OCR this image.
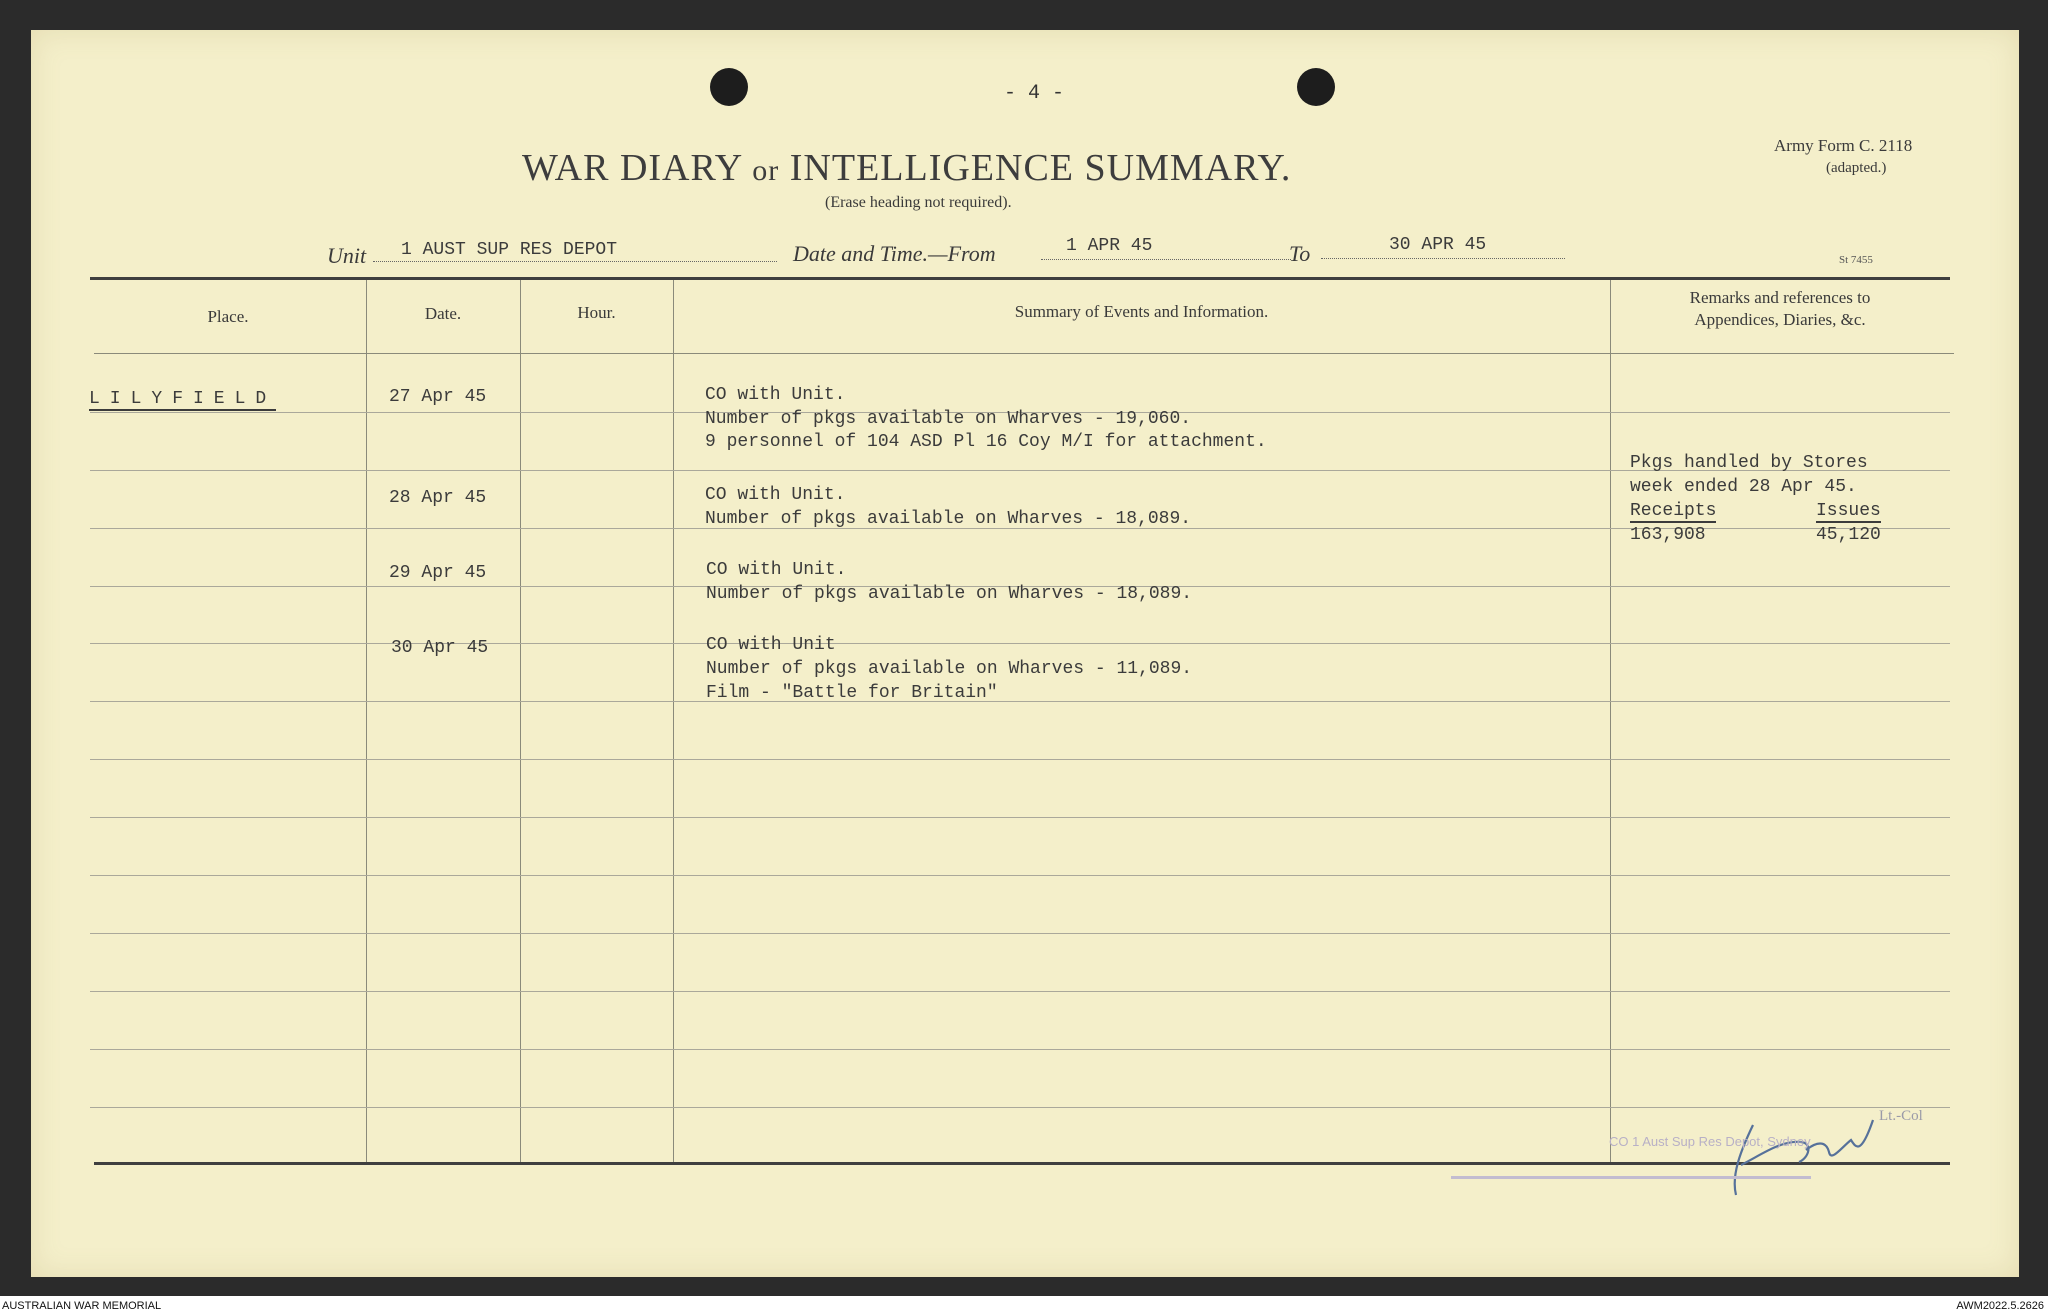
- 4 -
WAR DIARY or INTELLIGENCE SUMMARY.
(Erase heading not required).
Army Form C. 2118
(adapted.)
St 7455
Unit 1 AUST SUP RES DEPOT	Date and Time.—From	1 APR 45	To	30 APR 45
Place.	Date.	Hour.	Summary of Events and Information.
Remarks and references to
Appendices, Diaries, &c.
LILYFIELD	27 Apr 45	CO with Unit.
Number of pkgs available on Wharves - 19,060.
9 personnel of 104 ASD Pl 16 Coy M/I for attachment.
28 Apr 45	CO with Unit.
Number of pkgs available on Wharves - 18,089.
29 Apr 45	CO with Unit.
Number of pkgs available on Wharves - 18,089.
30 Apr 45	CO with Unit
Number of pkgs available on Wharves - 11,089.
Film - "Battle for Britain"
Pkgs handled by Stores
week ended 28 Apr 45.
Receipts	Issues
163,908	45,120
Lt.-Col
CO 1 Aust Sup Res Depot, Sydney
AUSTRALIAN WAR MEMORIAL	AWM2022.5.2626
